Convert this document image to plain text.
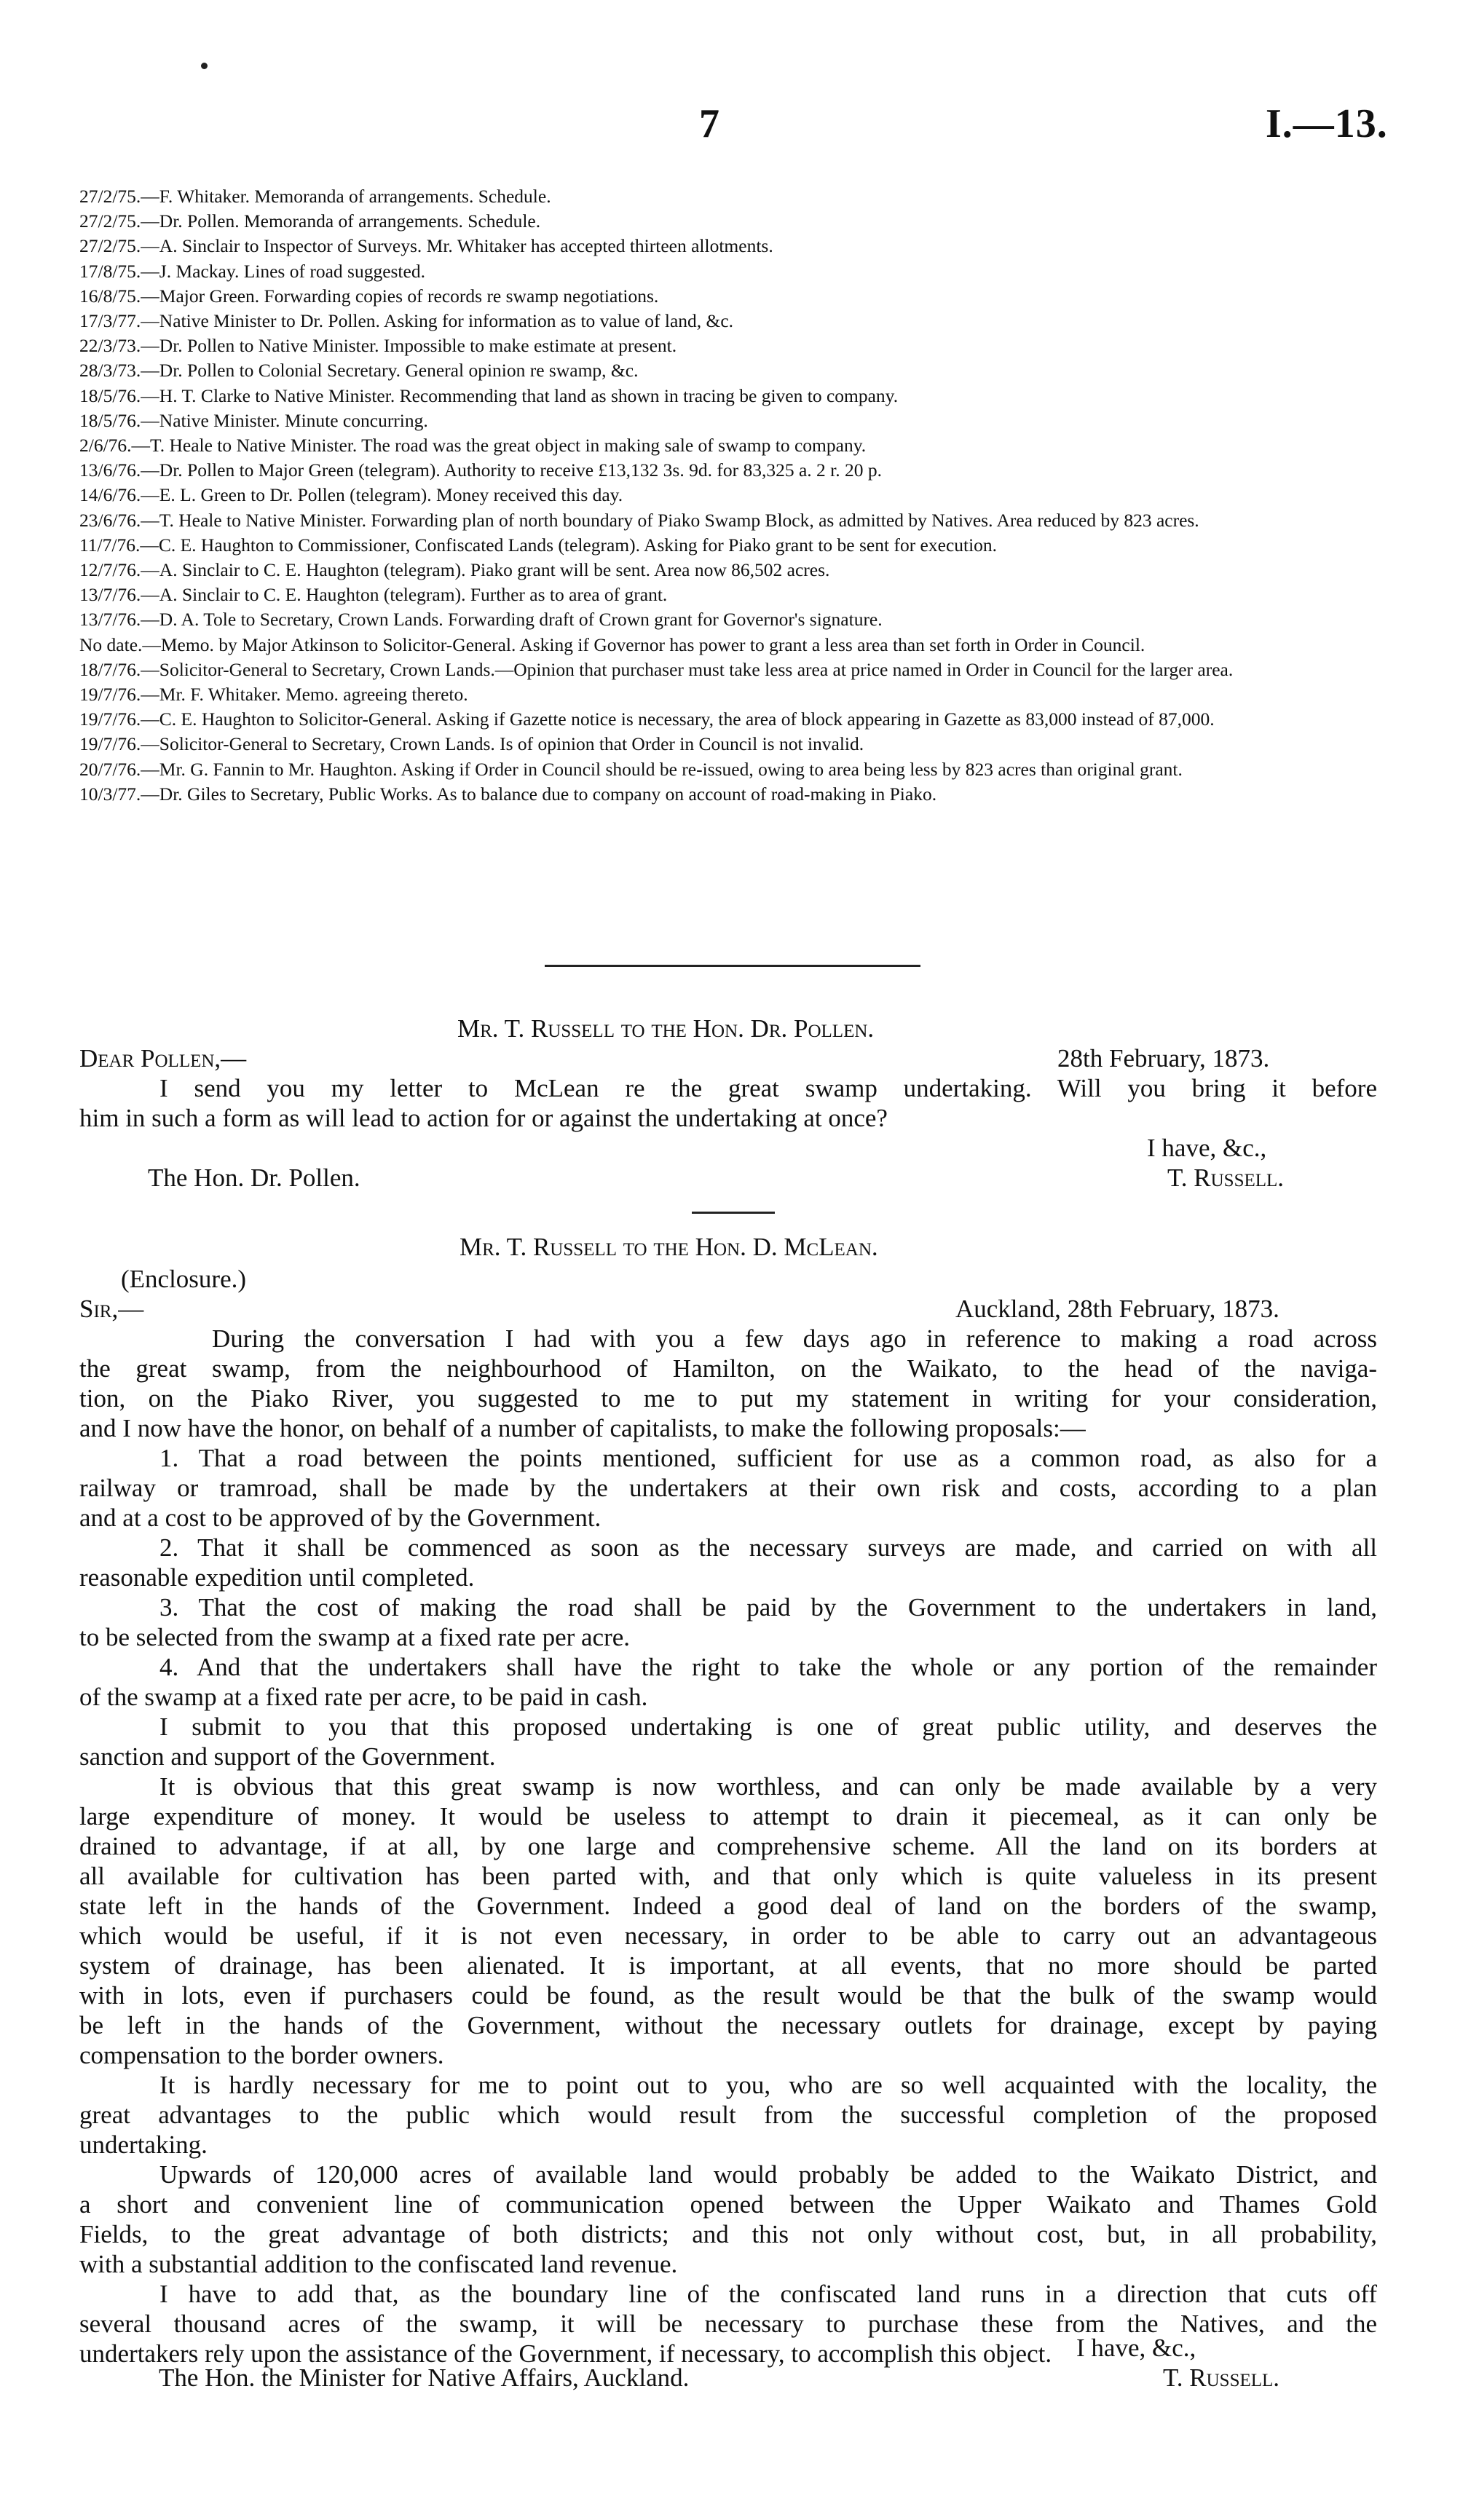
7	I.—13.
27/2/75.—F. Whitaker. Memoranda of arrangements. Schedule.
27/2/75.—Dr. Pollen. Memoranda of arrangements. Schedule.
27/2/75.—A. Sinclair to Inspector of Surveys. Mr. Whitaker has accepted thirteen allotments.
17/8/75.—J. Mackay. Lines of road suggested.
16/8/75.—Major Green. Forwarding copies of records re swamp negotiations.
17/3/77.—Native Minister to Dr. Pollen. Asking for information as to value of land, &c.
22/3/73.—Dr. Pollen to Native Minister. Impossible to make estimate at present.
28/3/73.—Dr. Pollen to Colonial Secretary. General opinion re swamp, &c.
18/5/76.—H. T. Clarke to Native Minister. Recommending that land as shown in tracing be given to company.
18/5/76.—Native Minister. Minute concurring.
2/6/76.—T. Heale to Native Minister. The road was the great object in making sale of swamp to company.
13/6/76.—Dr. Pollen to Major Green (telegram). Authority to receive £13,132 3s. 9d. for 83,325 a. 2 r. 20 p.
14/6/76.—E. L. Green to Dr. Pollen (telegram). Money received this day.
23/6/76.—T. Heale to Native Minister. Forwarding plan of north boundary of Piako Swamp Block, as admitted by Natives. Area reduced by 823 acres.
11/7/76.—C. E. Haughton to Commissioner, Confiscated Lands (telegram). Asking for Piako grant to be sent for execution.
12/7/76.—A. Sinclair to C. E. Haughton (telegram). Piako grant will be sent. Area now 86,502 acres.
13/7/76.—A. Sinclair to C. E. Haughton (telegram). Further as to area of grant.
13/7/76.—D. A. Tole to Secretary, Crown Lands. Forwarding draft of Crown grant for Governor's signature.
No date.—Memo. by Major Atkinson to Solicitor-General. Asking if Governor has power to grant a less area than set forth in Order in Council.
18/7/76.—Solicitor-General to Secretary, Crown Lands.—Opinion that purchaser must take less area at price named in Order in Council for the larger area.
19/7/76.—Mr. F. Whitaker. Memo. agreeing thereto.
19/7/76.—C. E. Haughton to Solicitor-General. Asking if Gazette notice is necessary, the area of block appearing in Gazette as 83,000 instead of 87,000.
19/7/76.—Solicitor-General to Secretary, Crown Lands. Is of opinion that Order in Council is not invalid.
20/7/76.—Mr. G. Fannin to Mr. Haughton. Asking if Order in Council should be re-issued, owing to area being less by 823 acres than original grant.
10/3/77.—Dr. Giles to Secretary, Public Works. As to balance due to company on account of road-making in Piako.
Mr. T. Russell to the Hon. Dr. Pollen.
Dear Pollen,—	28th February, 1873.
I send you my letter to McLean re the great swamp undertaking. Will you bring it before
him in such a form as will lead to action for or against the undertaking at once?
I have, &c.,
The Hon. Dr. Pollen.	T. Russell.
Mr. T. Russell to the Hon. D. McLean.
(Enclosure.)
Sir,—	Auckland, 28th February, 1873.
During the conversation I had with you a few days ago in reference to making a road across
the great swamp, from the neighbourhood of Hamilton, on the Waikato, to the head of the naviga-
tion, on the Piako River, you suggested to me to put my statement in writing for your consideration,
and I now have the honor, on behalf of a number of capitalists, to make the following proposals:—
1. That a road between the points mentioned, sufficient for use as a common road, as also for a
railway or tramroad, shall be made by the undertakers at their own risk and costs, according to a plan
and at a cost to be approved of by the Government.
2. That it shall be commenced as soon as the necessary surveys are made, and carried on with all
reasonable expedition until completed.
3. That the cost of making the road shall be paid by the Government to the undertakers in land,
to be selected from the swamp at a fixed rate per acre.
4. And that the undertakers shall have the right to take the whole or any portion of the remainder
of the swamp at a fixed rate per acre, to be paid in cash.
I submit to you that this proposed undertaking is one of great public utility, and deserves the
sanction and support of the Government.
It is obvious that this great swamp is now worthless, and can only be made available by a very
large expenditure of money. It would be useless to attempt to drain it piecemeal, as it can only be
drained to advantage, if at all, by one large and comprehensive scheme. All the land on its borders at
all available for cultivation has been parted with, and that only which is quite valueless in its present
state left in the hands of the Government. Indeed a good deal of land on the borders of the swamp,
which would be useful, if it is not even necessary, in order to be able to carry out an advantageous
system of drainage, has been alienated. It is important, at all events, that no more should be parted
with in lots, even if purchasers could be found, as the result would be that the bulk of the swamp would
be left in the hands of the Government, without the necessary outlets for drainage, except by paying
compensation to the border owners.
It is hardly necessary for me to point out to you, who are so well acquainted with the locality, the
great advantages to the public which would result from the successful completion of the proposed
undertaking.
Upwards of 120,000 acres of available land would probably be added to the Waikato District, and
a short and convenient line of communication opened between the Upper Waikato and Thames Gold
Fields, to the great advantage of both districts; and this not only without cost, but, in all probability,
with a substantial addition to the confiscated land revenue.
I have to add that, as the boundary line of the confiscated land runs in a direction that cuts off
several thousand acres of the swamp, it will be necessary to purchase these from the Natives, and the
undertakers rely upon the assistance of the Government, if necessary, to accomplish this object. I have, &c.,
The Hon. the Minister for Native Affairs, Auckland.	T. Russell.
